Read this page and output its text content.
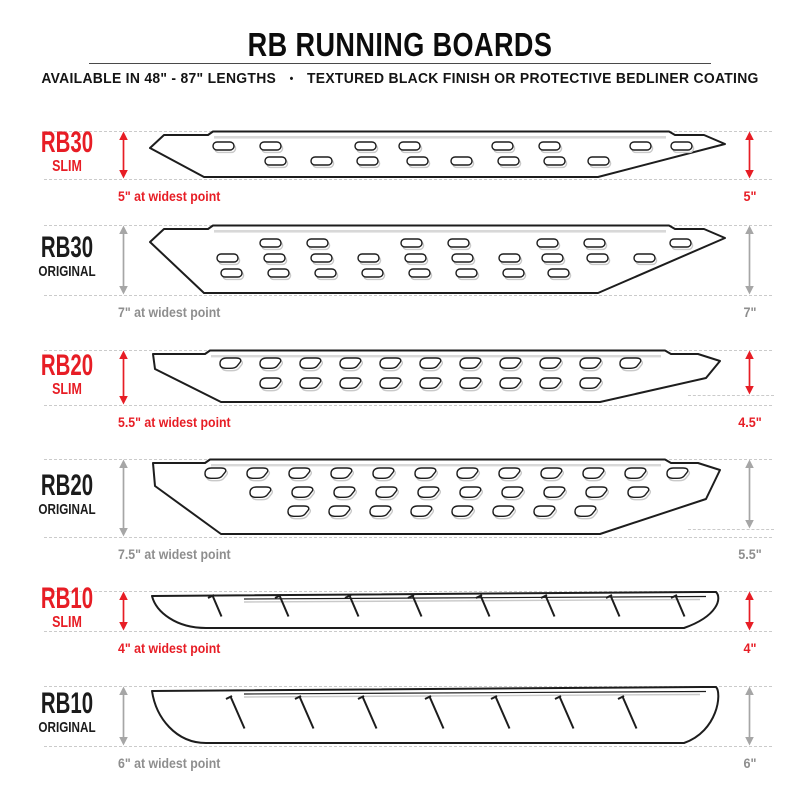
RB RUNNING BOARDS

AVAILABLE IN 48" - 87" LENGTHS • TEXTURED BLACK FINISH OR PROTECTIVE BEDLINER COATING

RB30
SLIM
5" at widest point	5"
RB30
ORIGINAL
7" at widest point	7"
RB20
SLIM
5.5" at widest point	4.5"
RB20
ORIGINAL
7.5" at widest point	5.5"
RB10
SLIM
4" at widest point	4"
RB10
ORIGINAL
6" at widest point	6"
